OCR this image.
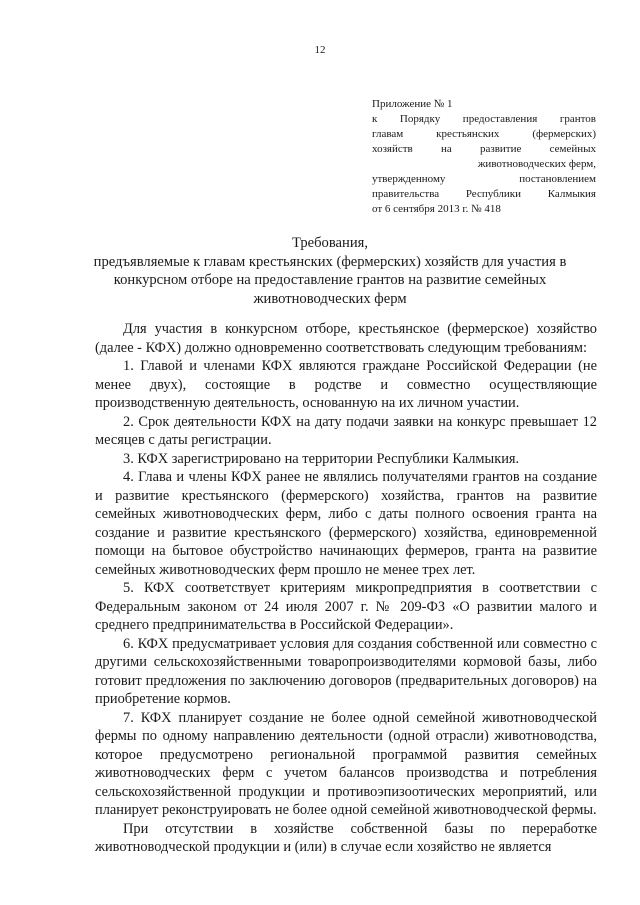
12
Приложение № 1
к Порядку предоставления грантов
главам крестьянских (фермерских)
хозяйств на развитие семейных
животноводческих ферм,
утвержденному постановлением
правительства Республики Калмыкия
от 6 сентября 2013 г. № 418
Требования,
предъявляемые к главам крестьянских (фермерских) хозяйств для участия в конкурсном отборе на предоставление грантов на развитие семейных животноводческих ферм

Для участия в конкурсном отборе, крестьянское (фермерское) хозяйство (далее - КФХ) должно одновременно соответствовать следующим требованиям:

1. Главой и членами КФХ являются граждане Российской Федерации (не менее двух), состоящие в родстве и совместно осуществляющие производственную деятельность, основанную на их личном участии.

2. Срок деятельности КФХ на дату подачи заявки на конкурс превышает 12 месяцев с даты регистрации.

3. КФХ зарегистрировано на территории Республики Калмыкия.

4. Глава и члены КФХ ранее не являлись получателями грантов на создание и развитие крестьянского (фермерского) хозяйства, грантов на развитие семейных животноводческих ферм, либо с даты полного освоения гранта на создание и развитие крестьянского (фермерского) хозяйства, единовременной помощи на бытовое обустройство начинающих фермеров, гранта на развитие семейных животноводческих ферм прошло не менее трех лет.

5. КФХ соответствует критериям микропредприятия в соответствии с Федеральным законом от 24 июля 2007 г. № 209-ФЗ «О развитии малого и среднего предпринимательства в Российской Федерации».

6. КФХ предусматривает условия для создания собственной или совместно с другими сельскохозяйственными товаропроизводителями кормовой базы, либо готовит предложения по заключению договоров (предварительных договоров) на приобретение кормов.

7. КФХ планирует создание не более одной семейной животноводческой фермы по одному направлению деятельности (одной отрасли) животноводства, которое предусмотрено региональной программой развития семейных животноводческих ферм с учетом балансов производства и потребления сельскохозяйственной продукции и противоэпизоотических мероприятий, или планирует реконструировать не более одной семейной животноводческой фермы.

При отсутствии в хозяйстве собственной базы по переработке животноводческой продукции и (или) в случае если хозяйство не является
